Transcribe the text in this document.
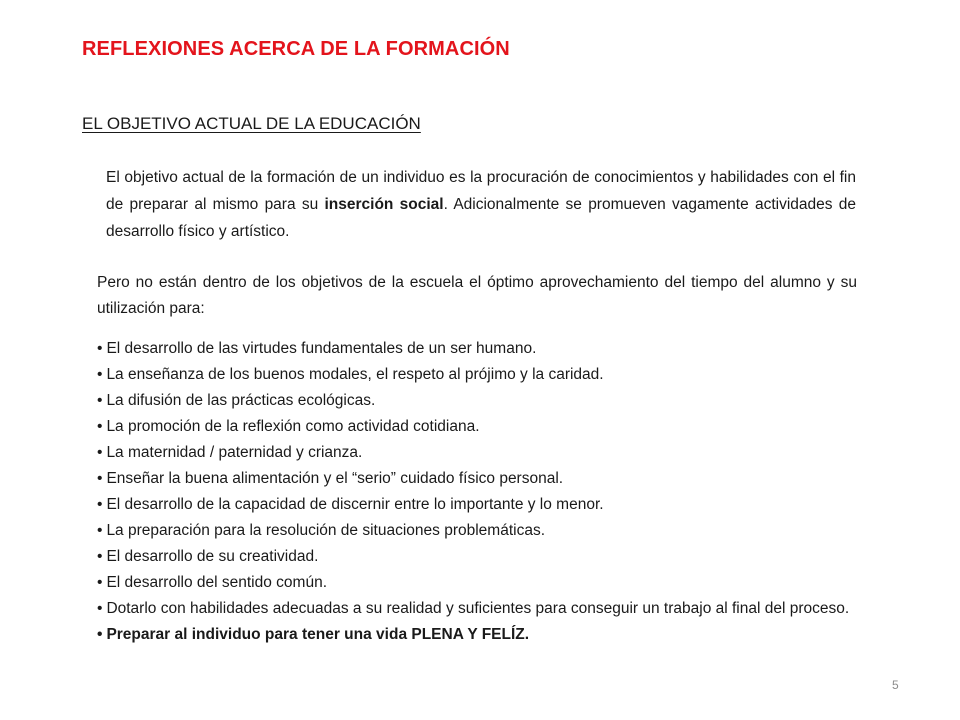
REFLEXIONES ACERCA DE LA FORMACIÓN
EL OBJETIVO ACTUAL DE LA EDUCACIÓN

El objetivo actual de la formación de un individuo es la procuración de conocimientos y habilidades con el fin de preparar al mismo para su inserción social. Adicionalmente se promueven vagamente actividades de desarrollo físico y artístico.

Pero no están dentro de los objetivos de la escuela el óptimo aprovechamiento del tiempo del alumno y su utilización para:

• El desarrollo de las virtudes fundamentales de un ser humano.
• La enseñanza de los buenos modales, el respeto al prójimo y la caridad.
• La difusión de las prácticas ecológicas.
• La promoción de la reflexión como actividad cotidiana.
• La maternidad / paternidad y crianza.
• Enseñar la buena alimentación y el “serio” cuidado físico personal.
• El desarrollo de la capacidad de discernir entre lo importante y lo menor.
• La preparación para la resolución de situaciones problemáticas.
• El desarrollo de su creatividad.
• El desarrollo del sentido común.
• Dotarlo con habilidades adecuadas a su realidad y suficientes para conseguir un trabajo al final del proceso.
• Preparar al individuo para tener una vida PLENA Y FELÍZ.
5
